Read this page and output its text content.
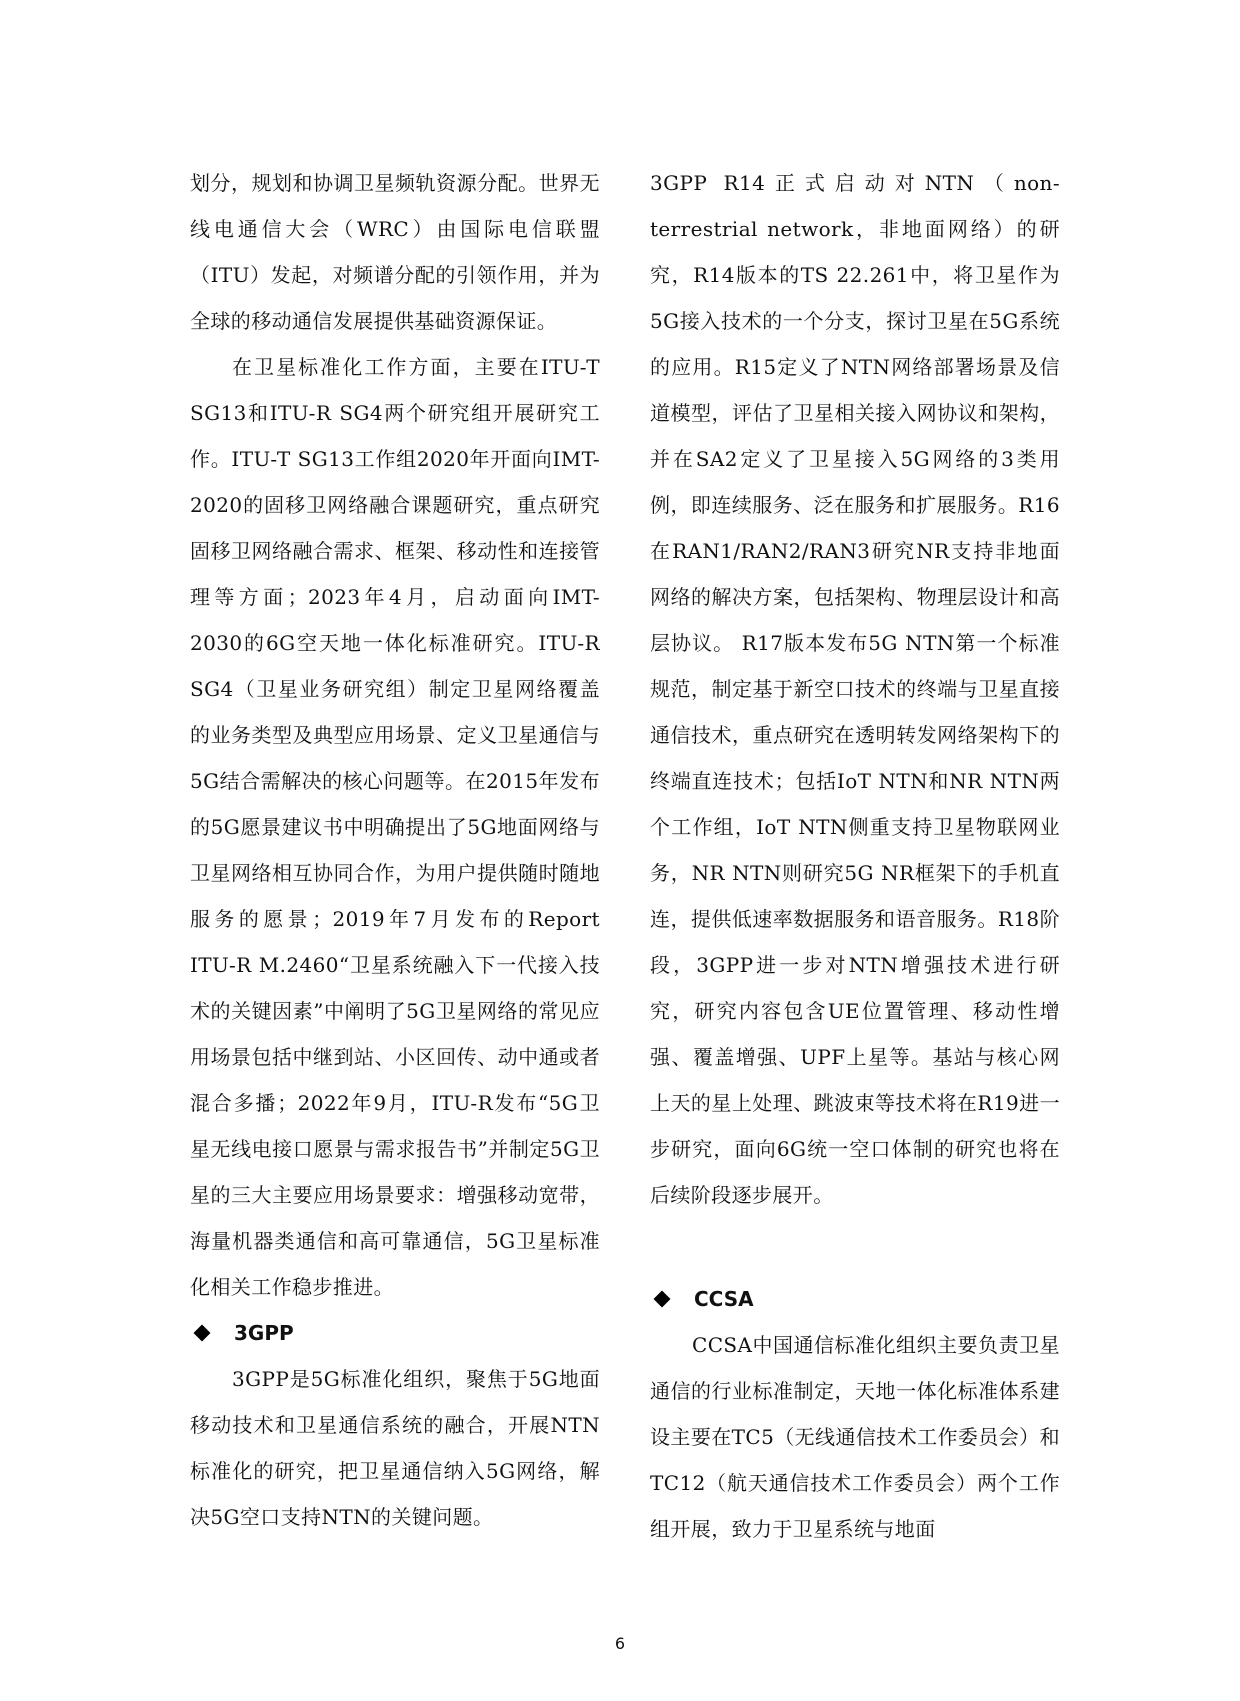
划分，规划和协调卫星频轨资源分配。世界无线电通信大会（WRC）由国际电信联盟（ITU）发起，对频谱分配的引领作用，并为全球的移动通信发展提供基础资源保证。

在卫星标准化工作方面，主要在ITU-T SG13和ITU-R SG4两个研究组开展研究工作。ITU-T SG13工作组2020年开面向IMT-2020的固移卫网络融合课题研究，重点研究固移卫网络融合需求、框架、移动性和连接管理等方面；2023年4月，启动面向IMT-2030的6G空天地一体化标准研究。ITU-R SG4（卫星业务研究组）制定卫星网络覆盖的业务类型及典型应用场景、定义卫星通信与5G结合需解决的核心问题等。在2015年发布的5G愿景建议书中明确提出了5G地面网络与卫星网络相互协同合作，为用户提供随时随地服务的愿景；2019年7月发布的Report ITU-R M.2460“卫星系统融入下一代接入技术的关键因素”中阐明了5G卫星网络的常见应用场景包括中继到站、小区回传、动中通或者混合多播；2022年9月，ITU-R发布“5G卫星无线电接口愿景与需求报告书”并制定5G卫星的三大主要应用场景要求：增强移动宽带，海量机器类通信和高可靠通信，5G卫星标准化相关工作稳步推进。

3GPP

3GPP是5G标准化组织，聚焦于5G地面移动技术和卫星通信系统的融合，开展NTN标准化的研究，把卫星通信纳入5G网络，解决5G空口支持NTN的关键问题。

3GPP R14正式启动对NTN（non-terrestrial network，非地面网络）的研究，R14版本的TS 22.261中，将卫星作为5G接入技术的一个分支，探讨卫星在5G系统的应用。R15定义了NTN网络部署场景及信道模型，评估了卫星相关接入网协议和架构，并在SA2定义了卫星接入5G网络的3类用例，即连续服务、泛在服务和扩展服务。R16在RAN1/RAN2/RAN3研究NR支持非地面网络的解决方案，包括架构、物理层设计和高层协议。 R17版本发布5G NTN第一个标准规范，制定基于新空口技术的终端与卫星直接通信技术，重点研究在透明转发网络架构下的终端直连技术；包括IoT NTN和NR NTN两个工作组，IoT NTN侧重支持卫星物联网业务，NR NTN则研究5G NR框架下的手机直连，提供低速率数据服务和语音服务。R18阶段，3GPP进一步对NTN增强技术进行研究，研究内容包含UE位置管理、移动性增强、覆盖增强、UPF上星等。基站与核心网上天的星上处理、跳波束等技术将在R19进一步研究，面向6G统一空口体制的研究也将在后续阶段逐步展开。

CCSA

CCSA中国通信标准化组织主要负责卫星通信的行业标准制定，天地一体化标准体系建设主要在TC5（无线通信技术工作委员会）和TC12（航天通信技术工作委员会）两个工作组开展，致力于卫星系统与地面

6
